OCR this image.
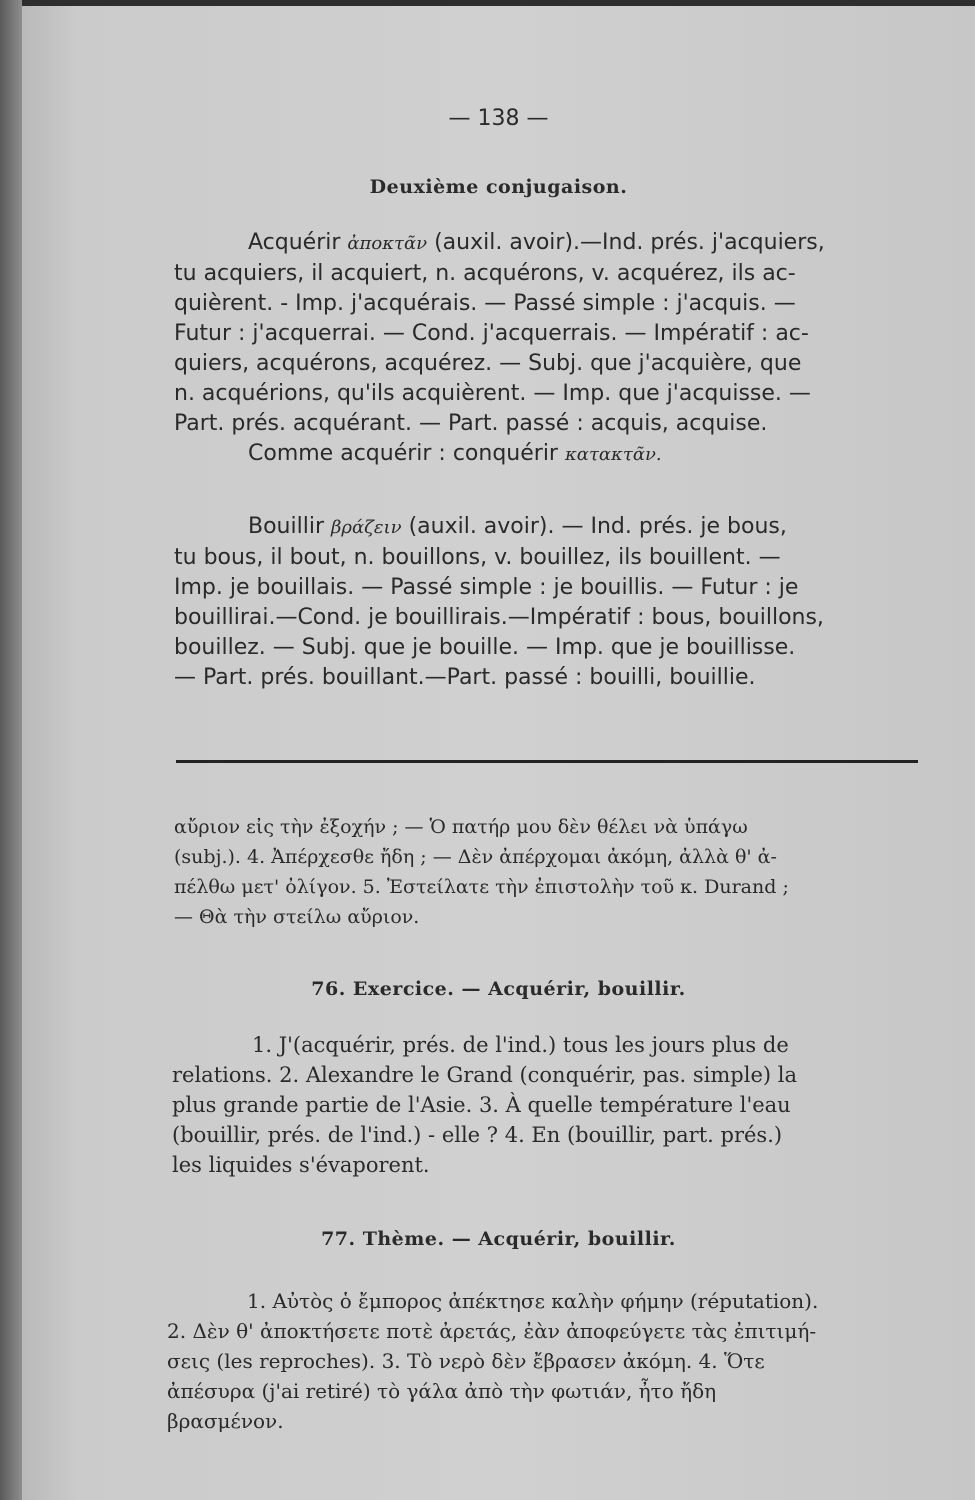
— 138 —
Deuxième conjugaison.
Acquérir ἀποκτᾶν (auxil. avoir).—Ind. prés. j'acquiers,
tu acquiers, il acquiert, n. acquérons, v. acquérez, ils ac-
quièrent. - Imp. j'acquérais. — Passé simple : j'acquis. —
Futur : j'acquerrai. — Cond. j'acquerrais. — Impératif : ac-
quiers, acquérons, acquérez. — Subj. que j'acquière, que
n. acquérions, qu'ils acquièrent. — Imp. que j'acquisse. —
Part. prés. acquérant. — Part. passé : acquis, acquise.
Comme acquérir : conquérir κατακτᾶν.
Bouillir βράζειν (auxil. avoir). — Ind. prés. je bous,
tu bous, il bout, n. bouillons, v. bouillez, ils bouillent. —
Imp. je bouillais. — Passé simple : je bouillis. — Futur : je
bouillirai.—Cond. je bouillirais.—Impératif : bous, bouillons,
bouillez. — Subj. que je bouille. — Imp. que je bouillisse.
— Part. prés. bouillant.—Part. passé : bouilli, bouillie.
αὔριον εἰς τὴν ἐξοχήν ; — Ὁ πατήρ μου δὲν θέλει νὰ ὑπάγω
(subj.). 4. Ἀπέρχεσθε ἤδη ; — Δὲν ἀπέρχομαι ἀκόμη, ἀλλὰ θ' ἀ-
πέλθω μετ' ὀλίγον. 5. Ἐστείλατε τὴν ἐπιστολὴν τοῦ κ. Durand ;
— Θὰ τὴν στείλω αὔριον.
76. Exercice. — Acquérir, bouillir.
1. J'(acquérir, prés. de l'ind.) tous les jours plus de
relations. 2. Alexandre le Grand (conquérir, pas. simple) la
plus grande partie de l'Asie. 3. À quelle température l'eau
(bouillir, prés. de l'ind.) - elle ? 4. En (bouillir, part. prés.)
les liquides s'évaporent.
77. Thème. — Acquérir, bouillir.
1. Αὐτὸς ὁ ἔμπορος ἀπέκτησε καλὴν φήμην (réputation).
2. Δὲν θ' ἀποκτήσετε ποτὲ ἀρετάς, ἐὰν ἀποφεύγετε τὰς ἐπιτιμή-
σεις (les reproches). 3. Τὸ νερὸ δὲν ἔβρασεν ἀκόμη. 4. Ὅτε
ἀπέσυρα (j'ai retiré) τὸ γάλα ἀπὸ τὴν φωτιάν, ἦτο ἤδη
βρασμένον.
